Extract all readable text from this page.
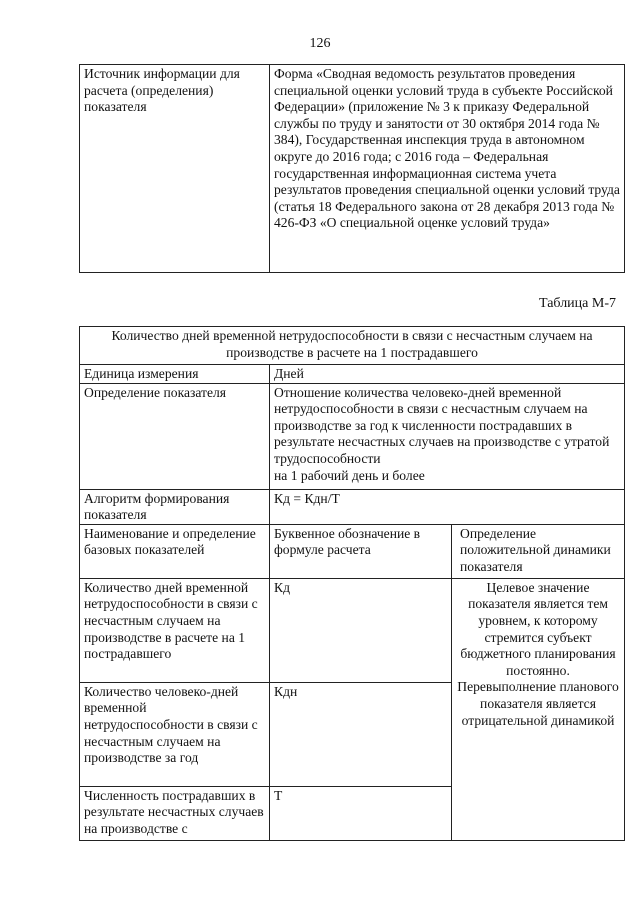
126
Источник информации для расчета (определения) показателя	Форма «Сводная ведомость результатов проведения специальной оценки условий труда в субъекте Российской Федерации» (приложение № 3 к приказу Федеральной службы по труду и занятости от 30 октября 2014 года № 384), Государственная инспекция труда в автономном округе до 2016 года; с 2016 года – Федеральная государственная информационная система учета результатов проведения специальной оценки условий труда (статья 18 Федерального закона от 28 декабря 2013 года № 426-ФЗ «О специальной оценке условий труда»
Таблица М-7
Количество дней временной нетрудоспособности в связи с несчастным случаем на производстве в расчете на 1 пострадавшего		
Единица измерения	Дней	
Определение показателя	Отношение количества человеко-дней временной нетрудоспособности в связи с несчастным случаем на производстве за год к численности пострадавших в результате несчастных случаев на производстве с утратой трудоспособности
на 1 рабочий день и более	

Алгоритм формирования показателя	Кд = Кдн/Т	
Наименование и определение базовых показателей	Буквенное обозначение в формуле расчета	Определение положительной динамики показателя
Количество дней временной нетрудоспособности в связи с несчастным случаем на производстве в расчете на 1 пострадавшего	Кд	Целевое значение показателя является тем уровнем, к которому стремится субъект бюджетного планирования постоянно. Перевыполнение планового показателя является отрицательной динамикой
Количество человеко-дней временной нетрудоспособности в связи с несчастным случаем на производстве за год	Кдн	
Численность пострадавших в результате несчастных случаев на производстве с	Т	
